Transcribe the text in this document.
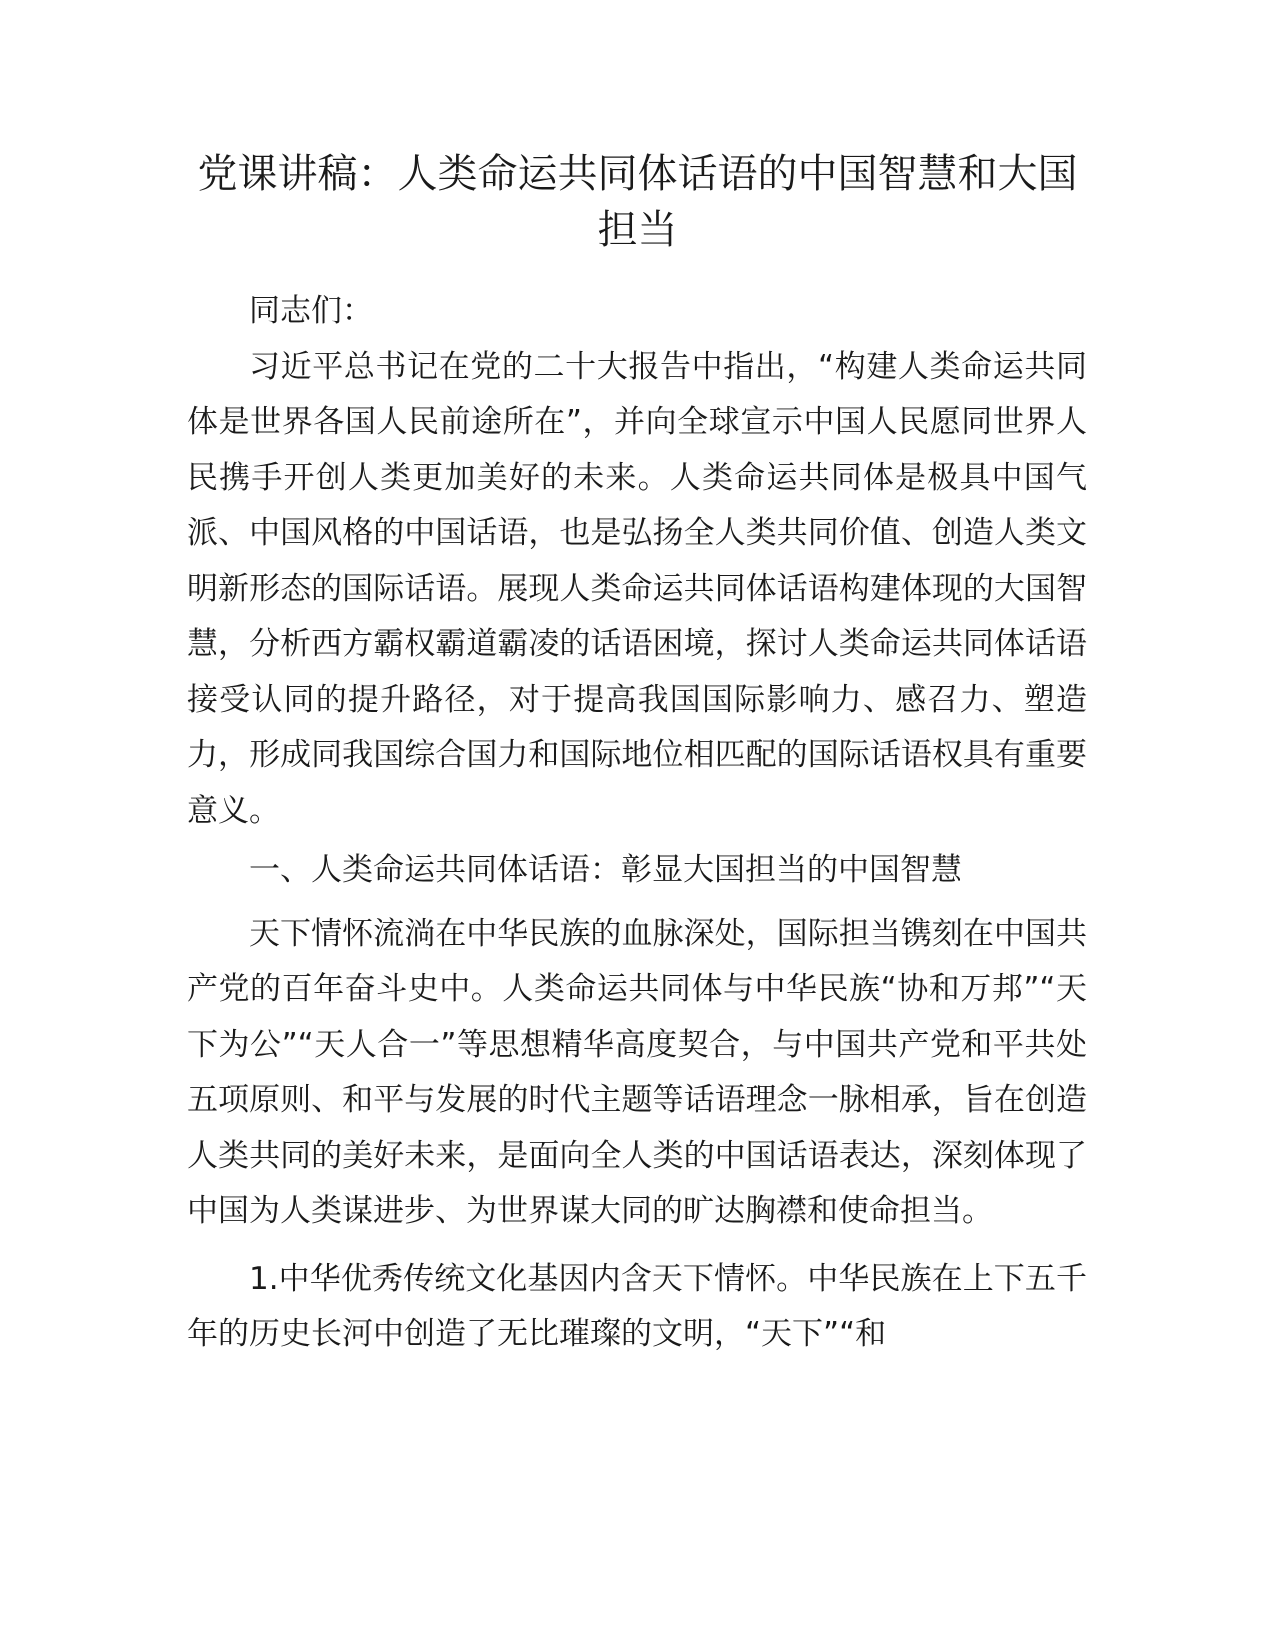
党课讲稿：人类命运共同体话语的中国智慧和大国担当

同志们：

习近平总书记在党的二十大报告中指出，“构建人类命运共同体是世界各国人民前途所在”，并向全球宣示中国人民愿同世界人民携手开创人类更加美好的未来。人类命运共同体是极具中国气派、中国风格的中国话语，也是弘扬全人类共同价值、创造人类文明新形态的国际话语。展现人类命运共同体话语构建体现的大国智慧，分析西方霸权霸道霸凌的话语困境，探讨人类命运共同体话语接受认同的提升路径，对于提高我国国际影响力、感召力、塑造力，形成同我国综合国力和国际地位相匹配的国际话语权具有重要意义。

一、人类命运共同体话语：彰显大国担当的中国智慧

天下情怀流淌在中华民族的血脉深处，国际担当镌刻在中国共产党的百年奋斗史中。人类命运共同体与中华民族“协和万邦”“天下为公”“天人合一”等思想精华高度契合，与中国共产党和平共处五项原则、和平与发展的时代主题等话语理念一脉相承，旨在创造人类共同的美好未来，是面向全人类的中国话语表达，深刻体现了中国为人类谋进步、为世界谋大同的旷达胸襟和使命担当。

1.中华优秀传统文化基因内含天下情怀。中华民族在上下五千年的历史长河中创造了无比璀璨的文明，“天下”“和
